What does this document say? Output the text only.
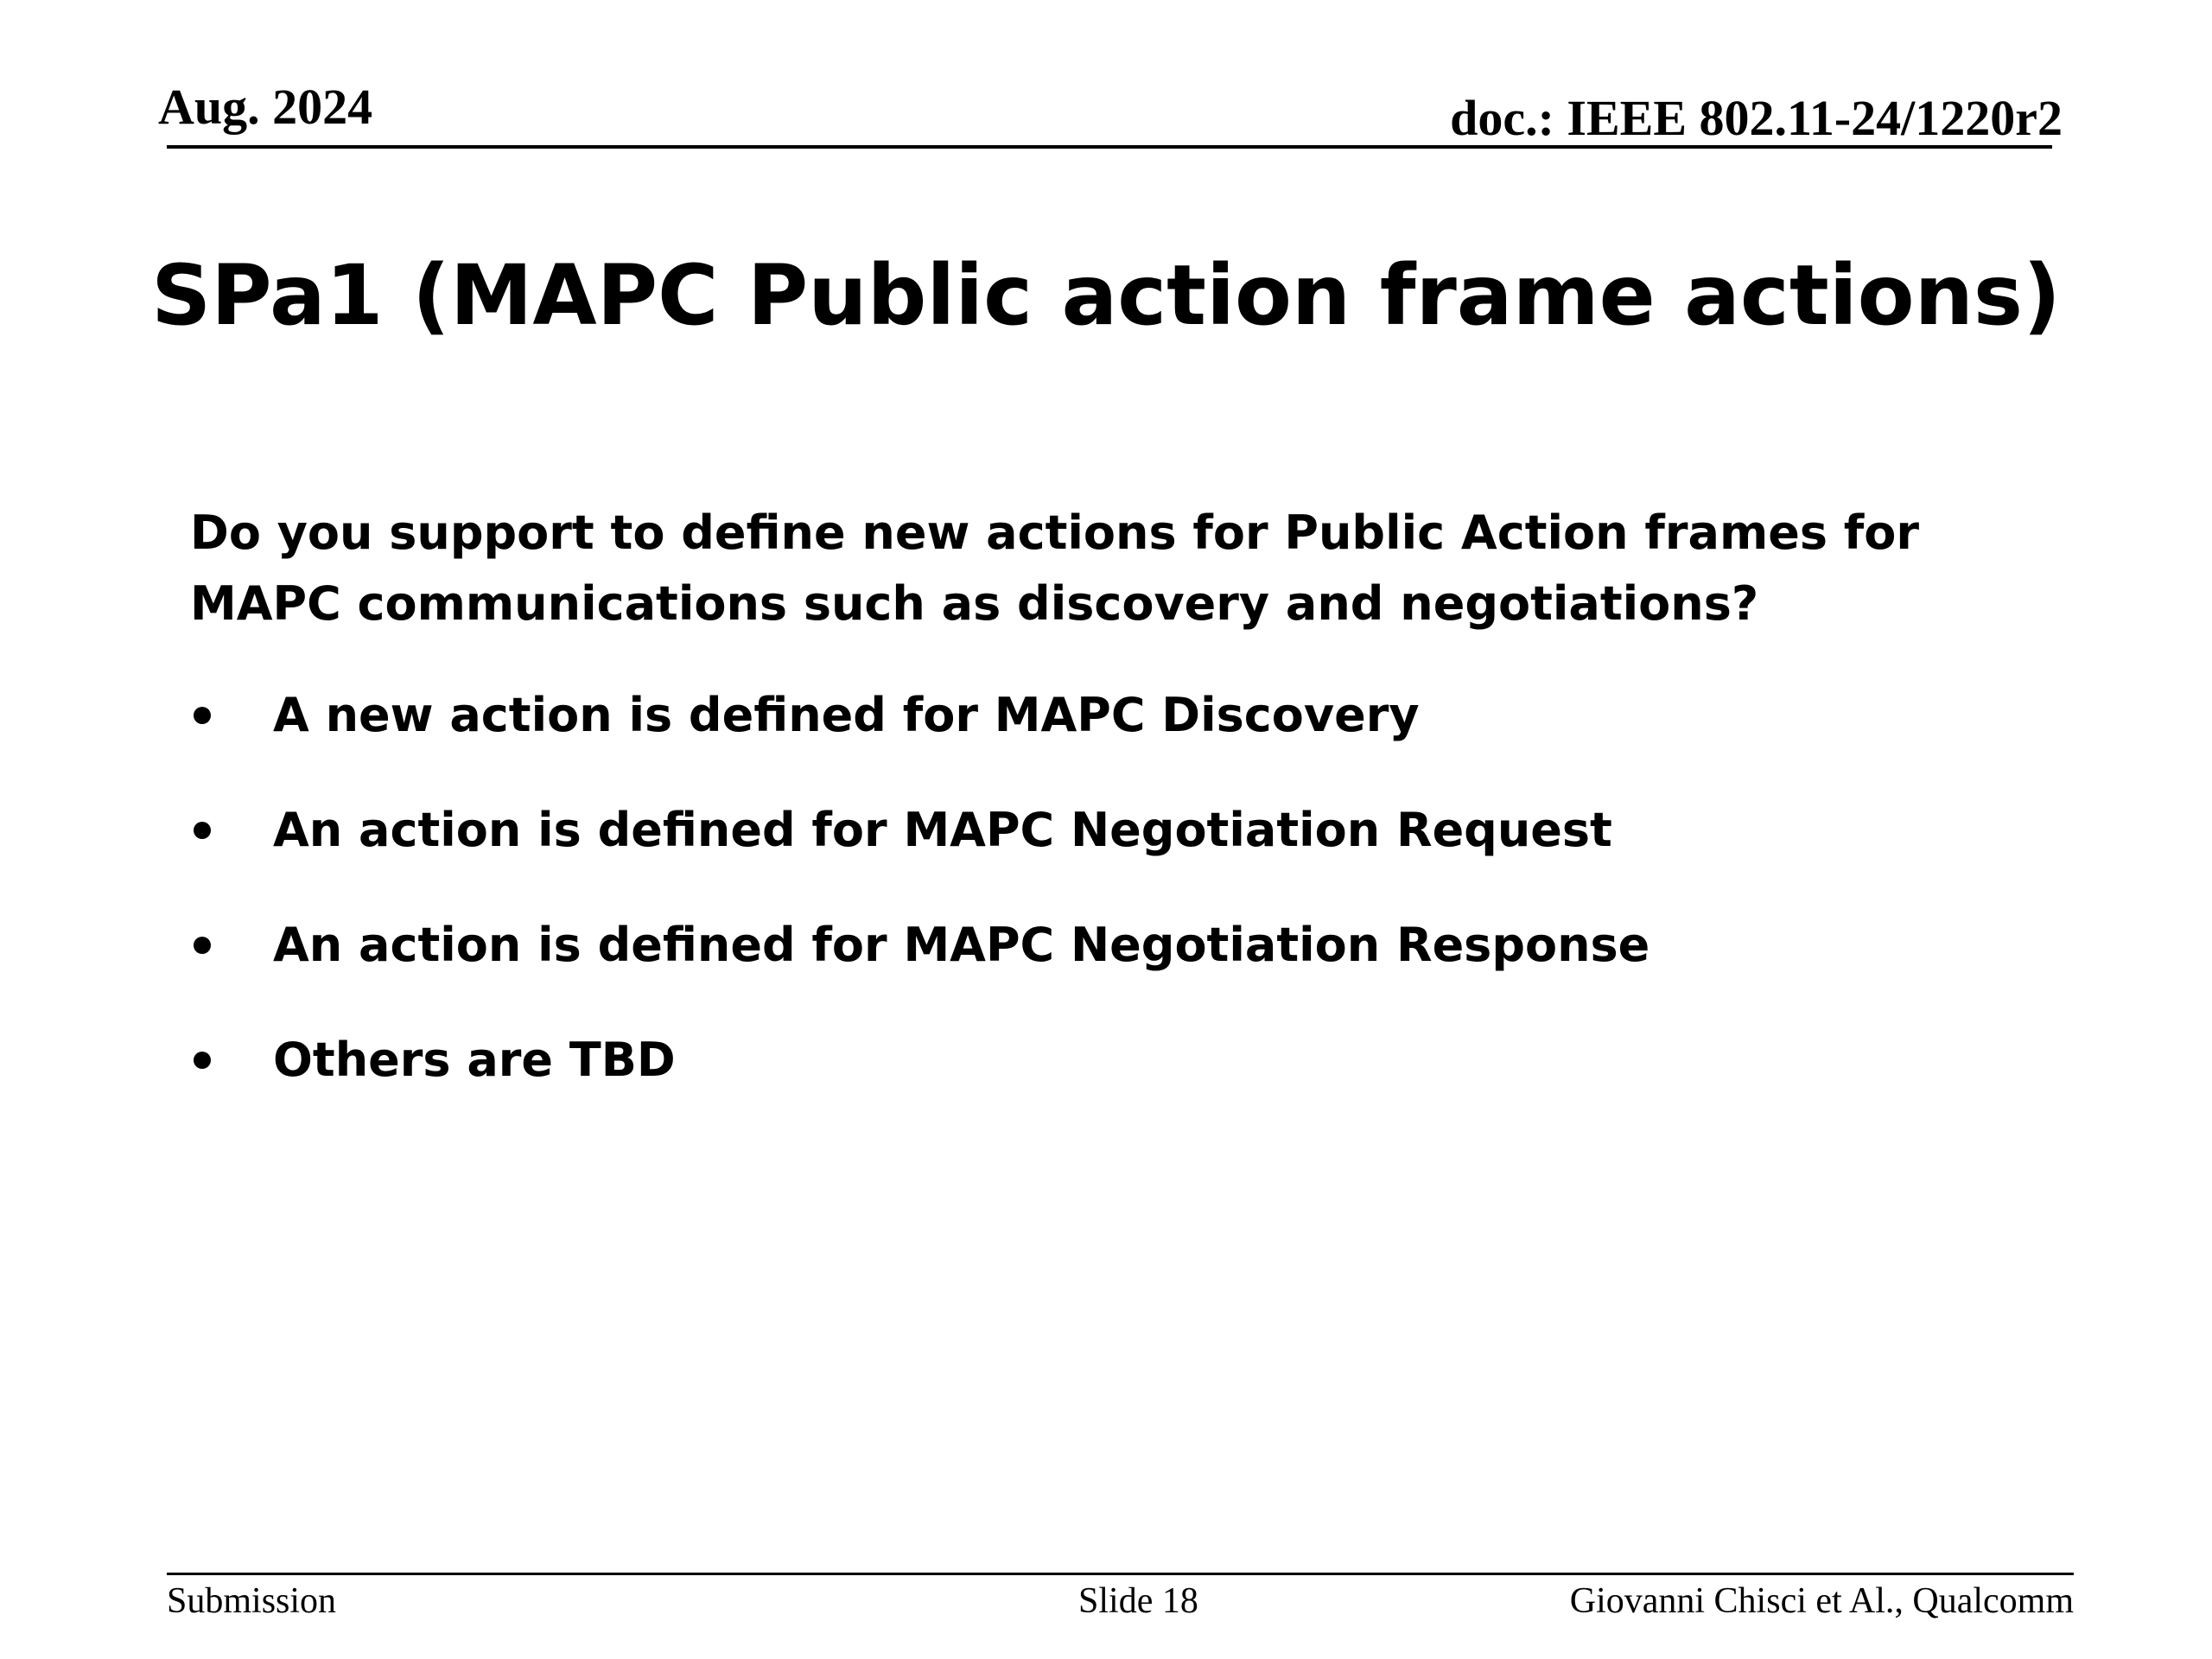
Aug. 2024	doc.: IEEE 802.11-24/1220r2
SPa1 (MAPC Public action frame actions)
Do you support to define new actions for Public Action frames for MAPC communications such as discovery and negotiations?
A new action is defined for MAPC Discovery
An action is defined for MAPC Negotiation Request
An action is defined for MAPC Negotiation Response
Others are TBD
Submission	Slide 18	Giovanni Chisci et Al., Qualcomm
